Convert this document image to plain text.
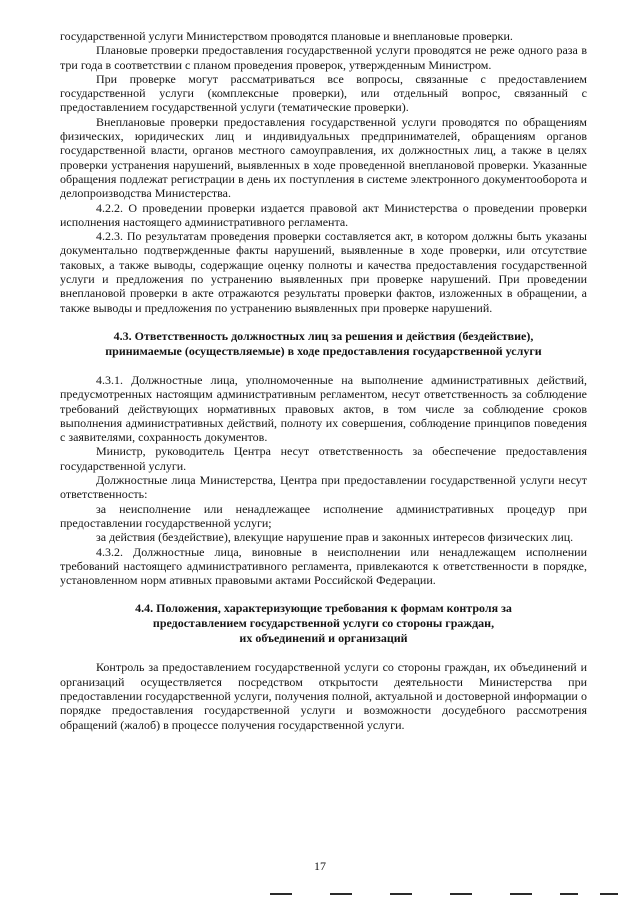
государственной услуги Министерством проводятся плановые и внеплановые проверки.

Плановые проверки предоставления государственной услуги проводятся не реже одного раза в три года в соответствии с планом проведения проверок, утвержденным Министром.

При проверке могут рассматриваться все вопросы, связанные с предоставлением государственной услуги (комплексные проверки), или отдельный вопрос, связанный с предоставлением государственной услуги (тематические проверки).

Внеплановые проверки предоставления государственной услуги проводятся по обращениям физических, юридических лиц и индивидуальных предпринимателей, обращениям органов государственной власти, органов местного самоуправления, их должностных лиц, а также в целях проверки устранения нарушений, выявленных в ходе проведенной внеплановой проверки. Указанные обращения подлежат регистрации в день их поступления в системе электронного документооборота и делопроизводства Министерства.

4.2.2. О проведении проверки издается правовой акт Министерства о проведении проверки исполнения настоящего административного регламента.

4.2.3. По результатам проведения проверки составляется акт, в котором должны быть указаны документально подтвержденные факты нарушений, выявленные в ходе проверки, или отсутствие таковых, а также выводы, содержащие оценку полноты и качества предоставления государственной услуги и предложения по устранению выявленных при проверке нарушений. При проведении внеплановой проверки в акте отражаются результаты проверки фактов, изложенных в обращении, а также выводы и предложения по устранению выявленных при проверке нарушений.

4.3. Ответственность должностных лиц за решения и действия (бездействие),
принимаемые (осуществляемые) в ходе предоставления государственной услуги

4.3.1. Должностные лица, уполномоченные на выполнение административных действий, предусмотренных настоящим административным регламентом, несут ответственность за соблюдение требований действующих нормативных правовых актов, в том числе за соблюдение сроков выполнения административных действий, полноту их совершения, соблюдение принципов поведения с заявителями, сохранность документов.

Министр, руководитель Центра несут ответственность за обеспечение предоставления государственной услуги.

Должностные лица Министерства, Центра при предоставлении государственной услуги несут ответственность:

за неисполнение или ненадлежащее исполнение административных процедур при предоставлении государственной услуги;

за действия (бездействие), влекущие нарушение прав и законных интересов физических лиц.

4.3.2. Должностные лица, виновные в неисполнении или ненадлежащем исполнении требований настоящего административного регламента, привлекаются к ответственности в порядке, установленном норм ативных правовыми актами Российской Федерации.

4.4. Положения, характеризующие требования к формам контроля за
предоставлением государственной услуги со стороны граждан,
их объединений и организаций

Контроль за предоставлением государственной услуги со стороны граждан, их объединений и организаций осуществляется посредством открытости деятельности Министерства при предоставлении государственной услуги, получения полной, актуальной и достоверной информации о порядке предоставления государственной услуги и возможности досудебного рассмотрения обращений (жалоб) в процессе получения государственной услуги.

17
